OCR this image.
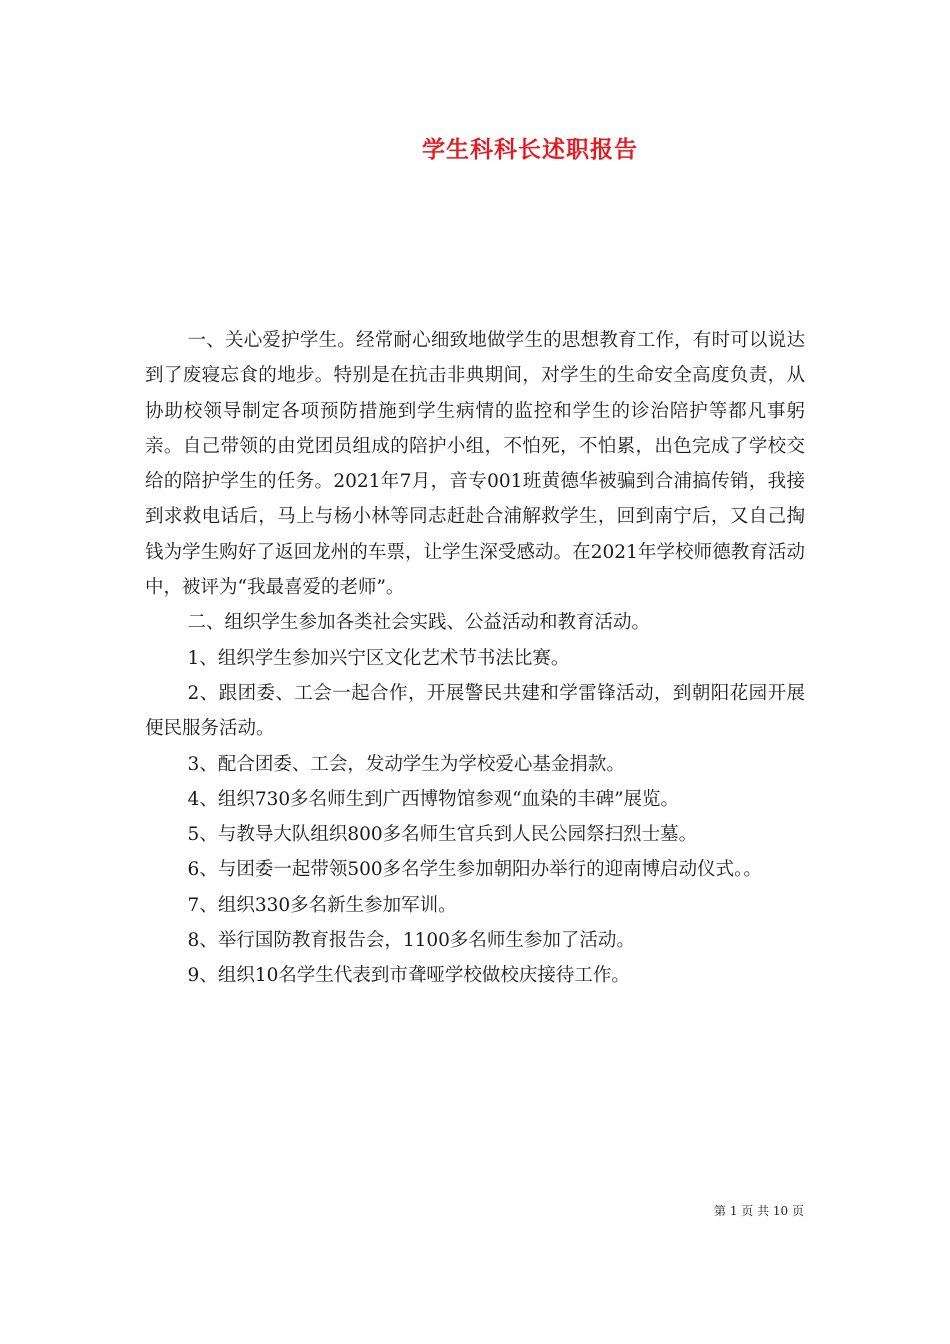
学生科科长述职报告

一、关心爱护学生。经常耐心细致地做学生的思想教育工作，有时可以说达到了废寝忘食的地步。特别是在抗击非典期间，对学生的生命安全高度负责，从协助校领导制定各项预防措施到学生病情的监控和学生的诊治陪护等都凡事躬亲。自己带领的由党团员组成的陪护小组，不怕死，不怕累，出色完成了学校交给的陪护学生的任务。2021年7月，音专001班黄德华被骗到合浦搞传销，我接到求救电话后，马上与杨小林等同志赶赴合浦解救学生，回到南宁后，又自己掏钱为学生购好了返回龙州的车票，让学生深受感动。在2021年学校师德教育活动中，被评为“我最喜爱的老师”。

二、组织学生参加各类社会实践、公益活动和教育活动。

1、组织学生参加兴宁区文化艺术节书法比赛。

2、跟团委、工会一起合作，开展警民共建和学雷锋活动，到朝阳花园开展便民服务活动。

3、配合团委、工会，发动学生为学校爱心基金捐款。

4、组织730多名师生到广西博物馆参观“血染的丰碑”展览。

5、与教导大队组织800多名师生官兵到人民公园祭扫烈士墓。

6、与团委一起带领500多名学生参加朝阳办举行的迎南博启动仪式。。

7、组织330多名新生参加军训。

8、举行国防教育报告会，1100多名师生参加了活动。

9、组织10名学生代表到市聋哑学校做校庆接待工作。

第 1 页 共 10 页
